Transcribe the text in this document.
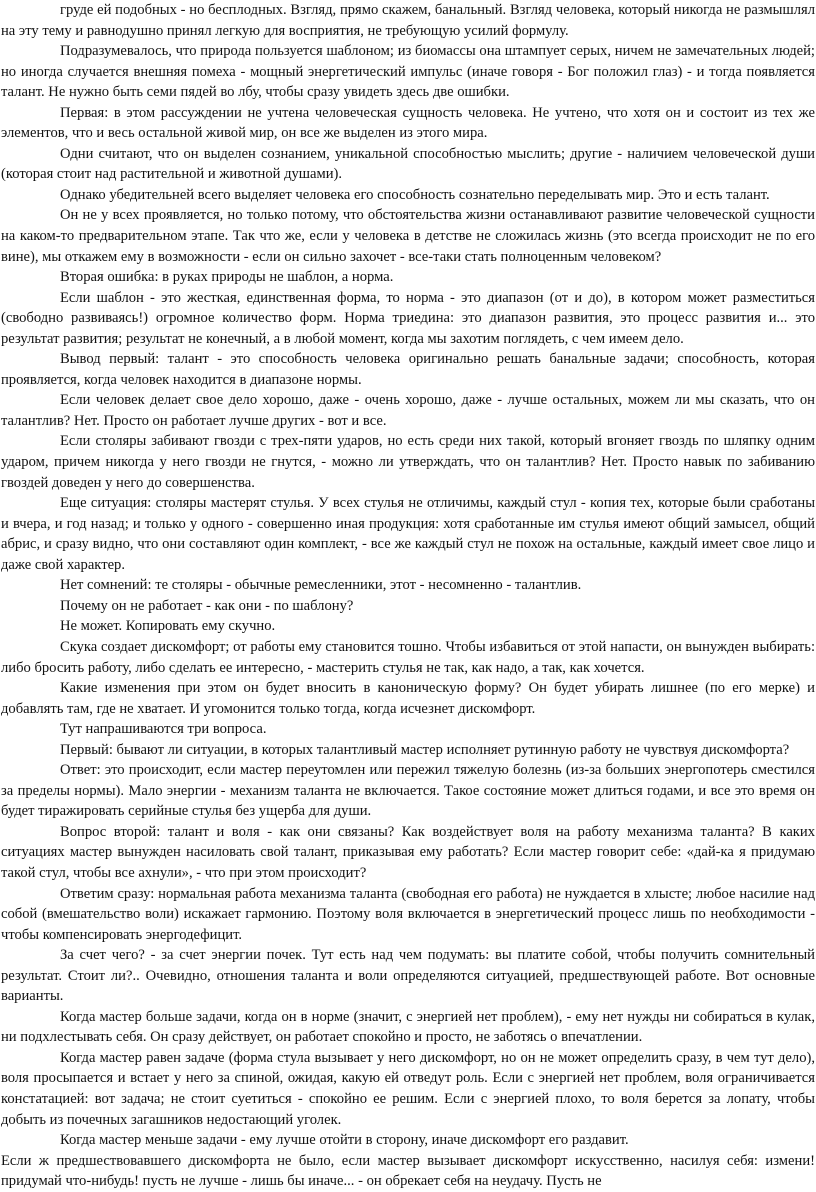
груде ей подобных - но бесплодных. Взгляд, прямо скажем, банальный. Взгляд человека, который никогда не размышлял на эту тему и равнодушно принял легкую для восприятия, не требующую усилий формулу.

Подразумевалось, что природа пользуется шаблоном; из биомассы она штампует серых, ничем не замечательных людей; но иногда случается внешняя помеха - мощный энергетический импульс (иначе говоря - Бог положил глаз) - и тогда появляется талант. Не нужно быть семи пядей во лбу, чтобы сразу увидеть здесь две ошибки.

Первая: в этом рассуждении не учтена человеческая сущность человека. Не учтено, что хотя он и состоит из тех же элементов, что и весь остальной живой мир, он все же выделен из этого мира.

Одни считают, что он выделен сознанием, уникальной способностью мыслить; другие - наличием человеческой души (которая стоит над растительной и животной душами).

Однако убедительней всего выделяет человека его способность сознательно переделывать мир. Это и есть талант.

Он не у всех проявляется, но только потому, что обстоятельства жизни останавливают развитие человеческой сущности на каком-то предварительном этапе. Так что же, если у человека в детстве не сложилась жизнь (это всегда происходит не по его вине), мы откажем ему в возможности - если он сильно захочет - все-таки стать полноценным человеком?

Вторая ошибка: в руках природы не шаблон, а норма.

Если шаблон - это жесткая, единственная форма, то норма - это диапазон (от и до), в котором может разместиться (свободно развиваясь!) огромное количество форм. Норма триедина: это диапазон развития, это процесс развития и... это результат развития; результат не конечный, а в любой момент, когда мы захотим поглядеть, с чем имеем дело.

Вывод первый: талант - это способность человека оригинально решать банальные задачи; способность, которая проявляется, когда человек находится в диапазоне нормы.

Если человек делает свое дело хорошо, даже - очень хорошо, даже - лучше остальных, можем ли мы сказать, что он талантлив? Нет. Просто он работает лучше других - вот и все.

Если столяры забивают гвозди с трех-пяти ударов, но есть среди них такой, который вгоняет гвоздь по шляпку одним ударом, причем никогда у него гвозди не гнутся, - можно ли утверждать, что он талантлив? Нет. Просто навык по забиванию гвоздей доведен у него до совершенства.

Еще ситуация: столяры мастерят стулья. У всех стулья не отличимы, каждый стул - копия тех, которые были сработаны и вчера, и год назад; и только у одного - совершенно иная продукция: хотя сработанные им стулья имеют общий замысел, общий абрис, и сразу видно, что они составляют один комплект, - все же каждый стул не похож на остальные, каждый имеет свое лицо и даже свой характер.

Нет сомнений: те столяры - обычные ремесленники, этот - несомненно - талантлив.

Почему он не работает - как они - по шаблону?

Не может. Копировать ему скучно.

Скука создает дискомфорт; от работы ему становится тошно. Чтобы избавиться от этой напасти, он вынужден выбирать: либо бросить работу, либо сделать ее интересно, - мастерить стулья не так, как надо, а так, как хочется.

Какие изменения при этом он будет вносить в каноническую форму? Он будет убирать лишнее (по его мерке) и добавлять там, где не хватает. И угомонится только тогда, когда исчезнет дискомфорт.

Тут напрашиваются три вопроса.

Первый: бывают ли ситуации, в которых талантливый мастер исполняет рутинную работу не чувствуя дискомфорта?

Ответ: это происходит, если мастер переутомлен или пережил тяжелую болезнь (из-за больших энергопотерь сместился за пределы нормы). Мало энергии - механизм таланта не включается. Такое состояние может длиться годами, и все это время он будет тиражировать серийные стулья без ущерба для души.

Вопрос второй: талант и воля - как они связаны? Как воздействует воля на работу механизма таланта? В каких ситуациях мастер вынужден насиловать свой талант, приказывая ему работать? Если мастер говорит себе: «дай-ка я придумаю такой стул, чтобы все ахнули», - что при этом происходит?

Ответим сразу: нормальная работа механизма таланта (свободная его работа) не нуждается в хлысте; любое насилие над собой (вмешательство воли) искажает гармонию. Поэтому воля включается в энергетический процесс лишь по необходимости - чтобы компенсировать энергодефицит.

За счет чего? - за счет энергии почек. Тут есть над чем подумать: вы платите собой, чтобы получить сомнительный результат. Стоит ли?.. Очевидно, отношения таланта и воли определяются ситуацией, предшествующей работе. Вот основные варианты.

Когда мастер больше задачи, когда он в норме (значит, с энергией нет проблем), - ему нет нужды ни собираться в кулак, ни подхлестывать себя. Он сразу действует, он работает спокойно и просто, не заботясь о впечатлении.

Когда мастер равен задаче (форма стула вызывает у него дискомфорт, но он не может определить сразу, в чем тут дело), воля просыпается и встает у него за спиной, ожидая, какую ей отведут роль. Если с энергией нет проблем, воля ограничивается констатацией: вот задача; не стоит суетиться - спокойно ее решим. Если с энергией плохо, то воля берется за лопату, чтобы добыть из почечных загашников недостающий уголек.

Когда мастер меньше задачи - ему лучше отойти в сторону, иначе дискомфорт его раздавит.

Если ж предшествовавшего дискомфорта не было, если мастер вызывает дискомфорт искусственно, насилуя себя: измени! придумай что-нибудь! пусть не лучше - лишь бы иначе... - он обрекает себя на неудачу. Пусть не
